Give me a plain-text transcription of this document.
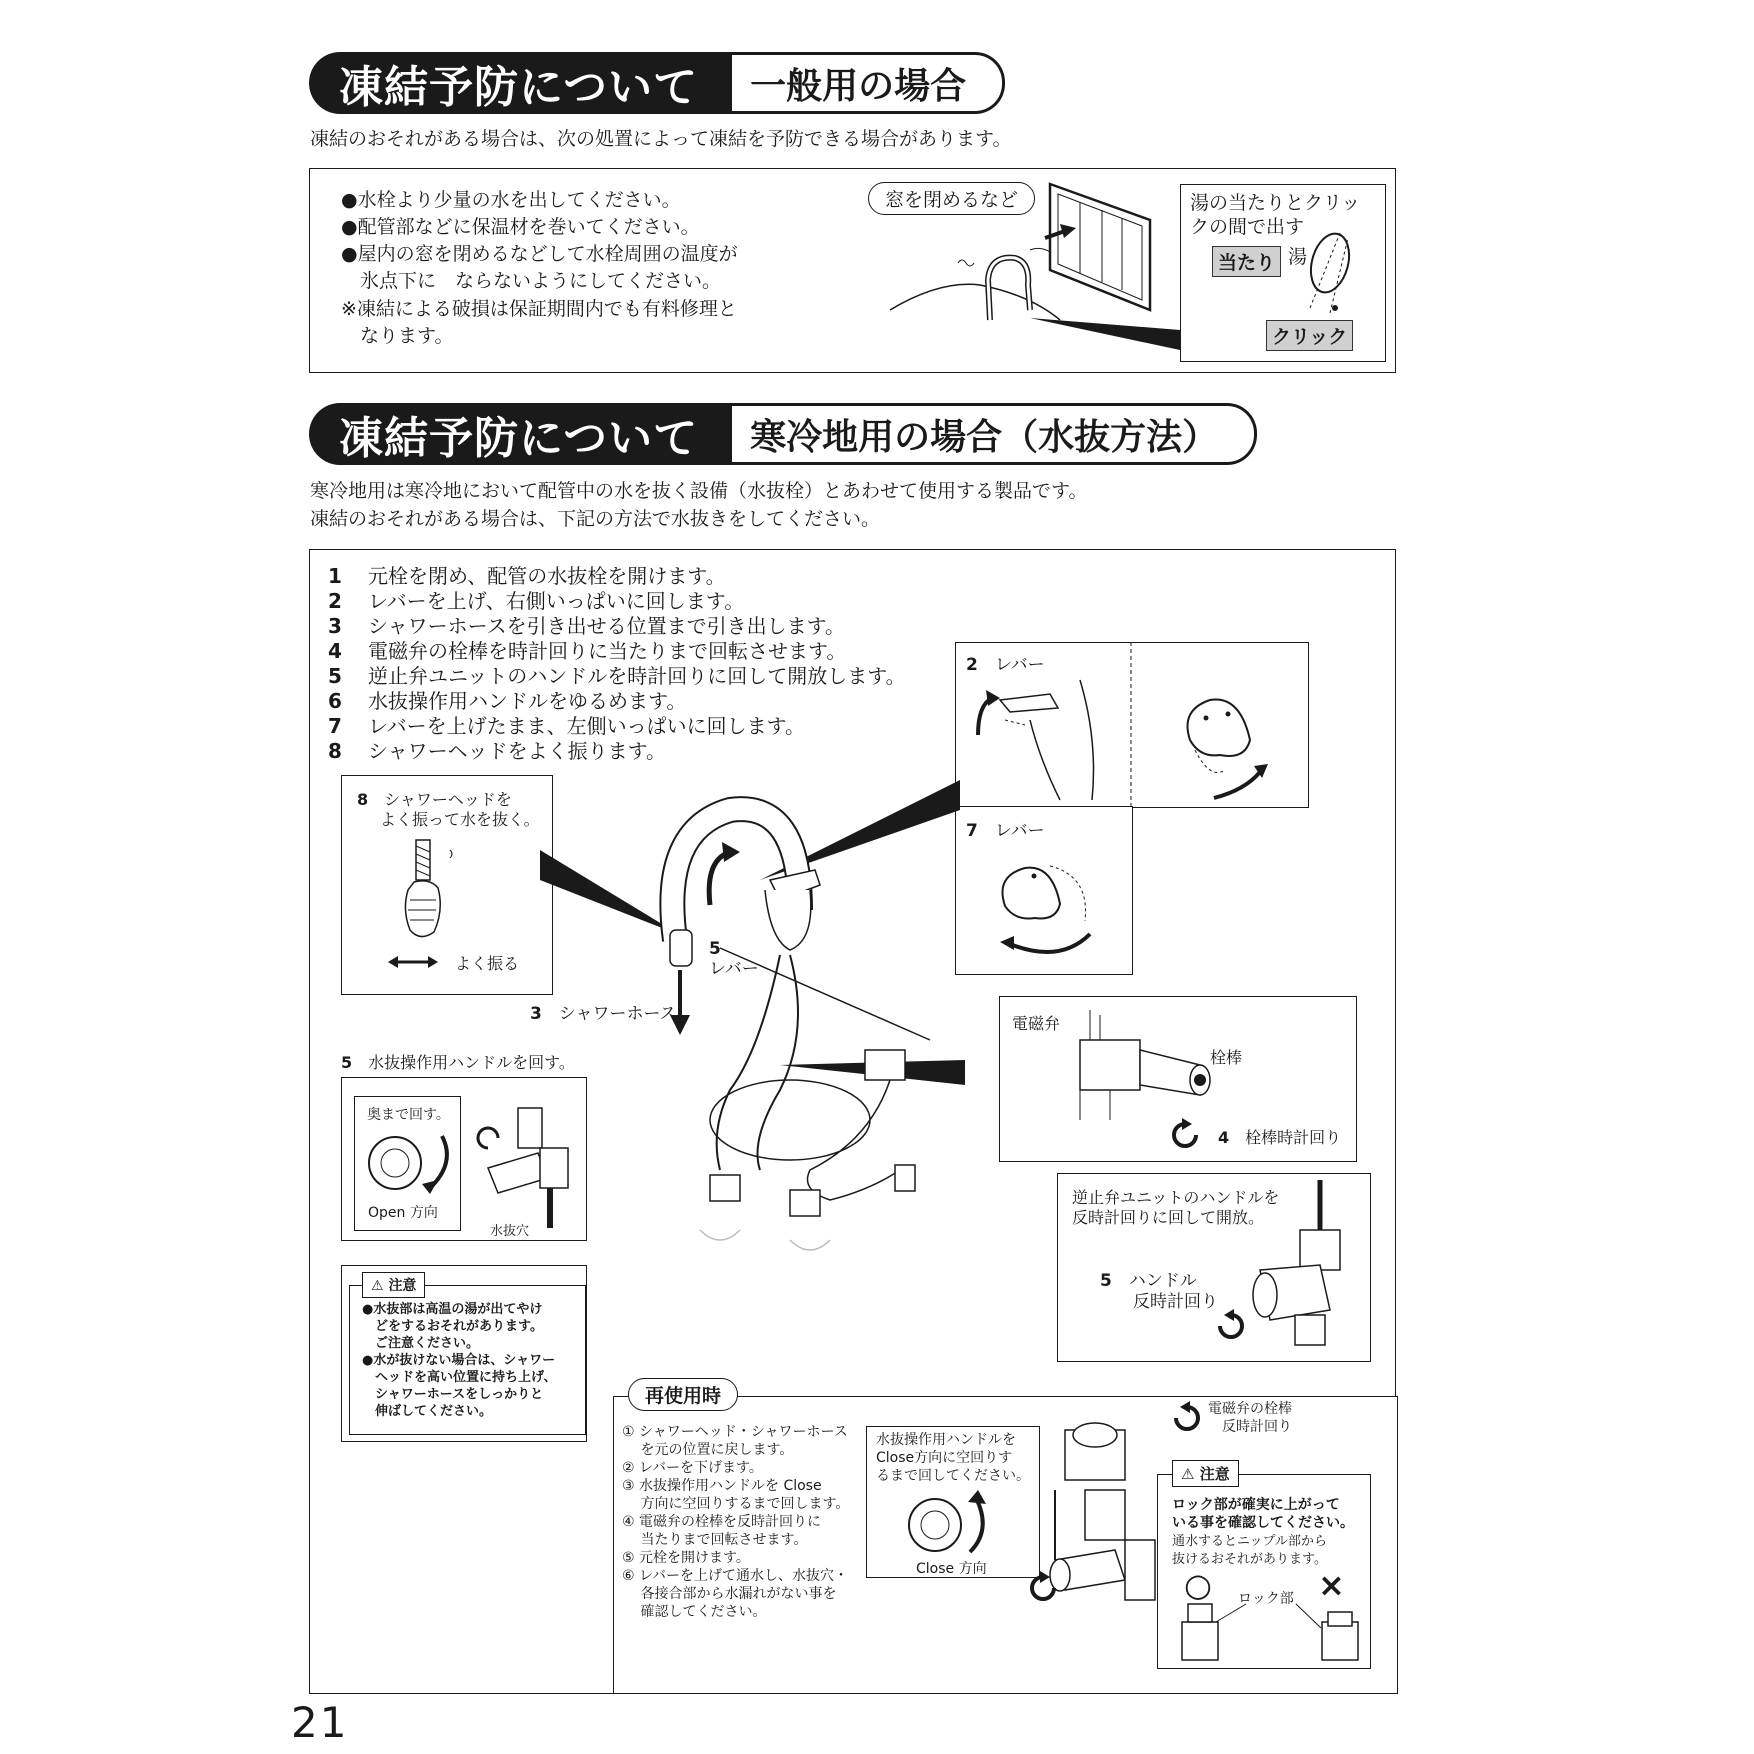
凍結予防について	一般用の場合
凍結のおそれがある場合は、次の処置によって凍結を予防できる場合があります。
●水栓より少量の水を出してください。
●配管部などに保温材を巻いてください。
●屋内の窓を閉めるなどして水栓周囲の温度が
　氷点下に　ならないようにしてください。
※凍結による破損は保証期間内でも有料修理と
　なります。
窓を閉めるなど	湯の当たりとクリッ
クの間で出す
当たり 湯
クリック
凍結予防について	寒冷地用の場合（水抜方法）
寒冷地用は寒冷地において配管中の水を抜く設備（水抜栓）とあわせて使用する製品です。
凍結のおそれがある場合は、下記の方法で水抜きをしてください。
1 元栓を閉め、配管の水抜栓を開けます。
2 レバーを上げ、右側いっぱいに回します。
3 シャワーホースを引き出せる位置まで引き出します。
4 電磁弁の栓棒を時計回りに当たりまで回転させます。
5 逆止弁ユニットのハンドルを時計回りに回して開放します。
6 水抜操作用ハンドルをゆるめます。
7 レバーを上げたまま、左側いっぱいに回します。
8 シャワーヘッドをよく振ります。
2　 レバー
7　 レバー
8　 シャワーヘッドを
よく振って水を抜く。
よく振る
5
レバー
3　 シャワーホース	電磁弁
栓棒
4　 栓棒時計回り
5　 水抜操作用ハンドルを回す。
奥まで回す。
Open 方向
水抜穴
⚠ 注意
●水抜部は高温の湯が出てやけ
　どをするおそれがあります。
　ご注意ください。
●水が抜けない場合は、シャワー
　ヘッドを高い位置に持ち上げ、
　シャワーホースをしっかりと
　伸ばしてください。
逆止弁ユニットのハンドルを
反時計回りに回して開放。
5　 ハンドル
反時計回り
再使用時
① シャワーヘッド・シャワーホース
　 を元の位置に戻します。
② レバーを下げます。
③ 水抜操作用ハンドルを Close
　 方向に空回りするまで回します。
④ 電磁弁の栓棒を反時計回りに
　 当たりまで回転させます。
⑤ 元栓を開けます。
⑥ レバーを上げて通水し、水抜穴・
　 各接合部から水漏れがない事を
　 確認してください。
水抜操作用ハンドルを
Close方向に空回りす
るまで回してください。
Close 方向
電磁弁の栓棒
反時計回り
⚠ 注意
ロック部が確実に上がって
いる事を確認してください。
通水するとニップル部から
抜けるおそれがあります。
○	×
ロック部
21
